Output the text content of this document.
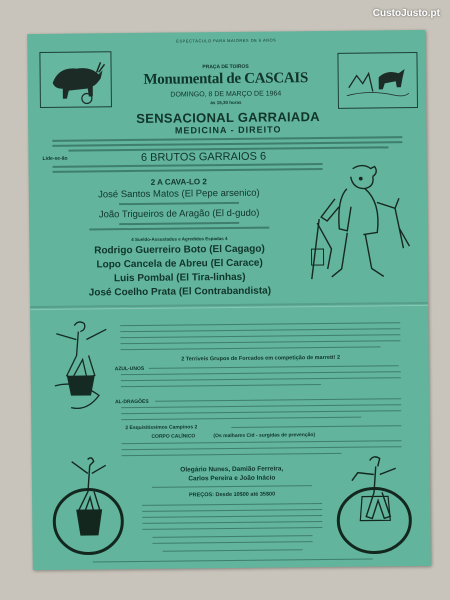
CustoJusto.pt
ESPECTÁCULO PARA MAIORES DE 6 ANOS
PRAÇA DE TOIROS
Monumental de CASCAIS
DOMINGO, 8 DE MARÇO DE 1964
às 15,30 horas
SENSACIONAL GARRAIADA
MEDICINA - DIREITO
Lide-se-ão	6 BRUTOS GARRAIOS 6
2 A CAVA-LO 2
José Santos Matos (El Pepe arsenico)
João Trigueiros de Aragão (El d-gudo)
4 Sueldo-Assustados e Agredidos Espadas 4
Rodrigo Guerreiro Boto (El Cagago)
Lopo Cancela de Abreu (El Carace)
Luis Pombal (El Tira-linhas)
José Coelho Prata (El Contrabandista)
2 Terriveis Grupos de Forcados em competição de marrett! 2
AZUL-UNOS
AL-DRAGÕES
2 Esquisitissimos Campinos 2
CORPO CALÍNICO	(Os malhares Cid - surgidas de prevenção)
Olegário Nunes, Damião Ferreira,
Carlos Pereira e João Inácio
PREÇOS: Desde 10$00 até 35$00
